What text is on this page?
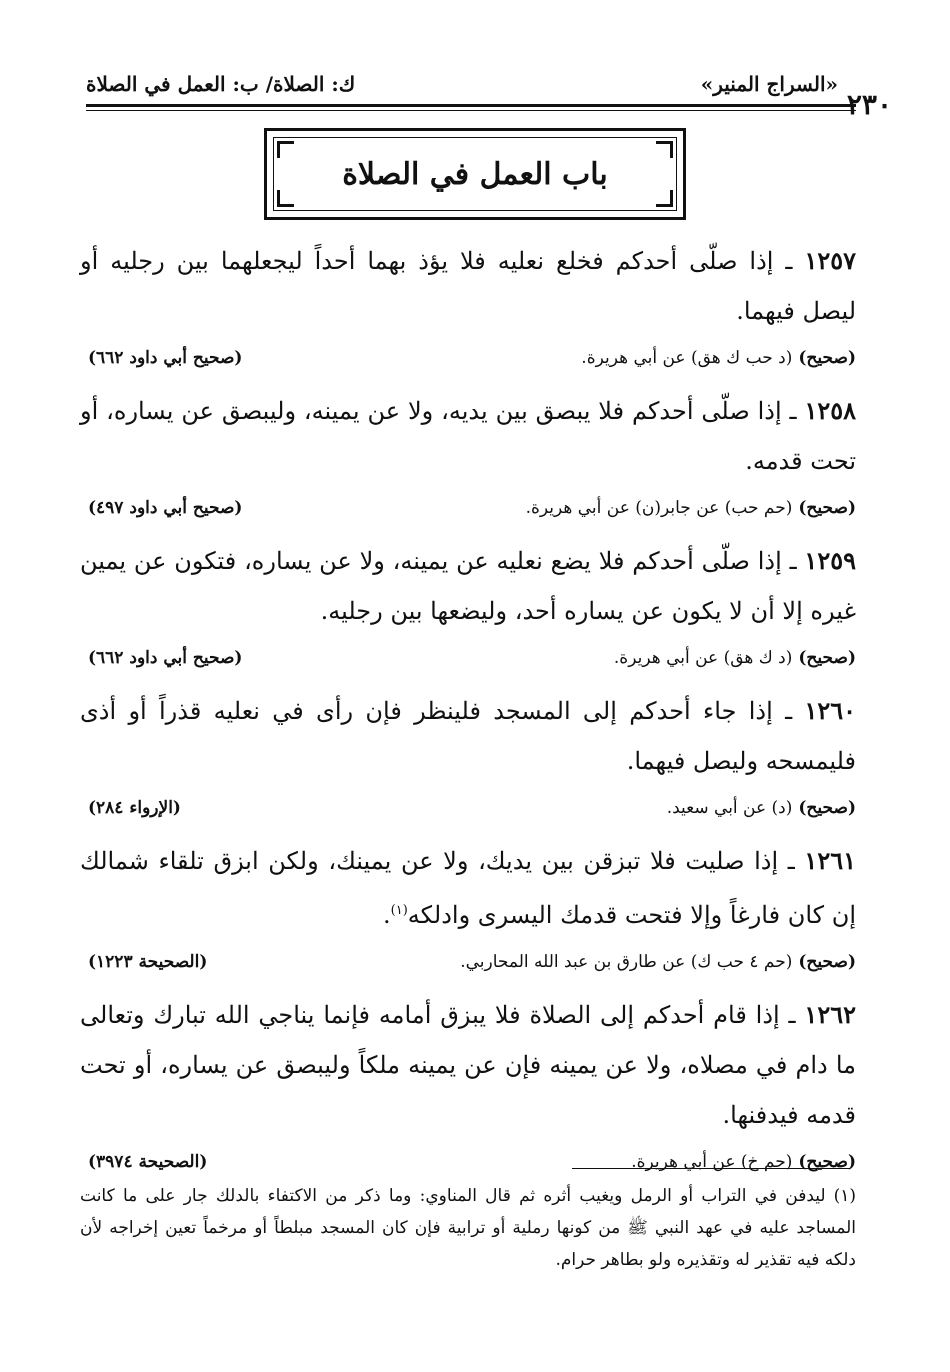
٢٣٠
«السراج المنير»
ك: الصلاة/ ب: العمل في الصلاة
باب العمل في الصلاة

١٢٥٧ ـ إذا صلّى أحدكم فخلع نعليه فلا يؤذ بهما أحداً ليجعلهما بين رجليه أو ليصل فيهما.

(صحيح)
(د حب ك هق) عن أبي هريرة.
(صحيح أبي داود ٦٦٢)

١٢٥٨ ـ إذا صلّى أحدكم فلا يبصق بين يديه، ولا عن يمينه، وليبصق عن يساره، أو تحت قدمه.

(صحيح)
(حم حب) عن جابر(ن) عن أبي هريرة.
(صحيح أبي داود ٤٩٧)

١٢٥٩ ـ إذا صلّى أحدكم فلا يضع نعليه عن يمينه، ولا عن يساره، فتكون عن يمين غيره إلا أن لا يكون عن يساره أحد، وليضعها بين رجليه.

(صحيح)
(د ك هق) عن أبي هريرة.
(صحيح أبي داود ٦٦٢)

١٢٦٠ ـ إذا جاء أحدكم إلى المسجد فلينظر فإن رأى في نعليه قذراً أو أذى فليمسحه وليصل فيهما.

(صحيح)
(د) عن أبي سعيد.
(الإرواء ٢٨٤)

١٢٦١ ـ إذا صليت فلا تبزقن بين يديك، ولا عن يمينك، ولكن ابزق تلقاء شمالك إن كان فارغاً وإلا فتحت قدمك اليسرى وادلكه$^{(١)}$.

(صحيح)
(حم ٤ حب ك) عن طارق بن عبد الله المحاربي.
(الصحيحة ١٢٢٣)

١٢٦٢ ـ إذا قام أحدكم إلى الصلاة فلا يبزق أمامه فإنما يناجي الله تبارك وتعالى ما دام في مصلاه، ولا عن يمينه فإن عن يمينه ملكاً وليبصق عن يساره، أو تحت قدمه فيدفنها.

(صحيح)
(حم خ) عن أبي هريرة.
(الصحيحة ٣٩٧٤)
(١)ليدفن في التراب أو الرمل ويغيب أثره ثم قال المناوي: وما ذكر من الاكتفاء بالدلك جار على ما كانت المساجد عليه في عهد النبي ﷺ من كونها رملية أو ترابية فإن كان المسجد مبلطاً أو مرخماً تعين إخراجه لأن دلكه فيه تقذير له وتقذيره ولو بطاهر حرام.
